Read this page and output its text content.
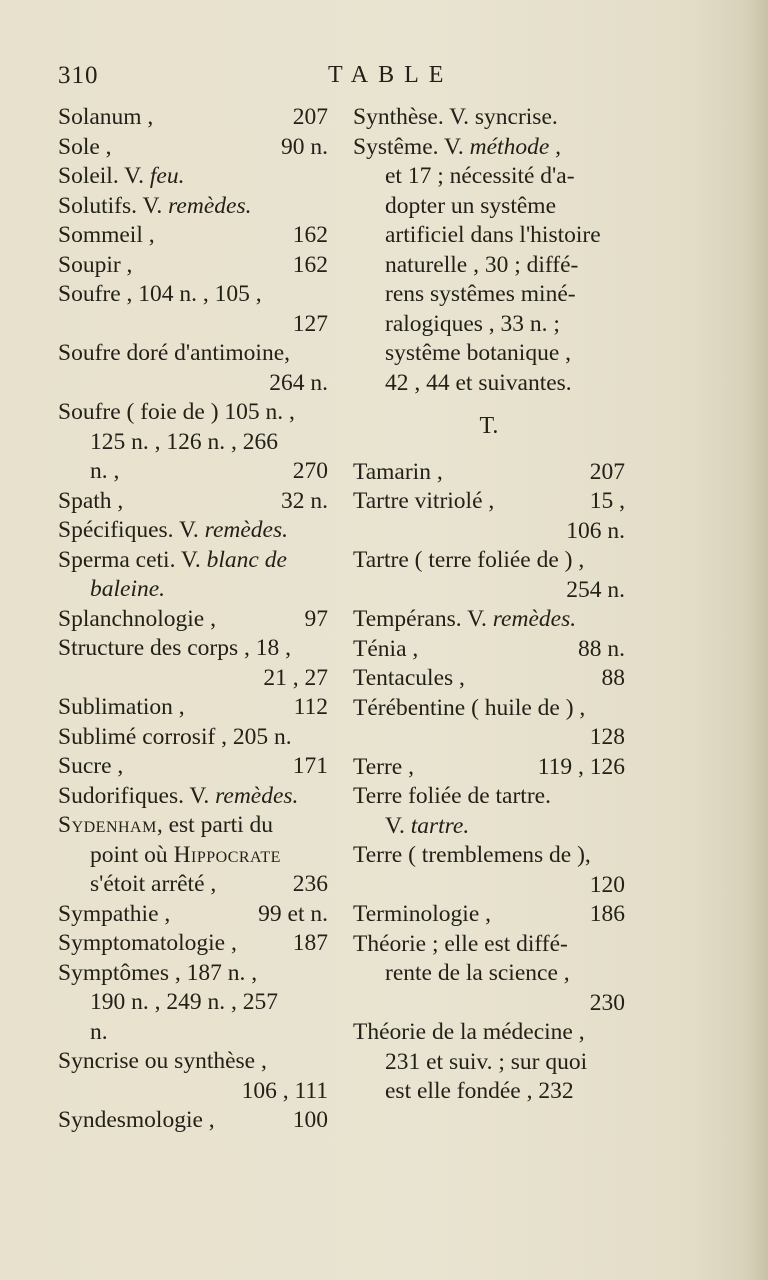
310	TABLE
Solanum ,	207
Sole ,	90 n.
Soleil. V. feu.
Solutifs. V. remèdes.
Sommeil ,	162
Soupir ,	162
Soufre , 104 n. , 105 ,
127
Soufre doré d'antimoine,
264 n.
Soufre ( foie de ) 105 n. ,
125 n. , 126 n. , 266
n. ,	270
Spath ,	32 n.
Spécifiques. V. remèdes.
Sperma ceti. V. blanc de
baleine.
Splanchnologie ,	97
Structure des corps , 18 ,
21 , 27
Sublimation ,	112
Sublimé corrosif , 205 n.
Sucre ,	171
Sudorifiques. V. remèdes.
Sydenham, est parti du
point où Hippocrate
s'étoit arrêté ,	236
Sympathie ,	99 et n.
Symptomatologie , 187
Symptômes , 187 n. ,
190 n. , 249 n. , 257
n.
Syncrise ou synthèse ,
106 , 111
Syndesmologie ,	100
Synthèse. V. syncrise.
Systême. V. méthode ,
et 17 ; nécessité d'a-
dopter un systême
artificiel dans l'histoire
naturelle , 30 ; diffé-
rens systêmes miné-
ralogiques , 33 n. ;
systême botanique ,
42 , 44 et suivantes.
T.
Tamarin ,	207
Tartre vitriolé ,	15 ,
106 n.
Tartre ( terre foliée de ) ,
254 n.
Tempérans. V. remèdes.
Ténia ,	88 n.
Tentacules ,	88
Térébentine ( huile de ) ,
128
Terre ,	119 , 126
Terre foliée de tartre.
V. tartre.
Terre ( tremblemens de ),
120
Terminologie ,	186
Théorie ; elle est diffé-
rente de la science ,
230
Théorie de la médecine ,
231 et suiv. ; sur quoi
est elle fondée , 232
